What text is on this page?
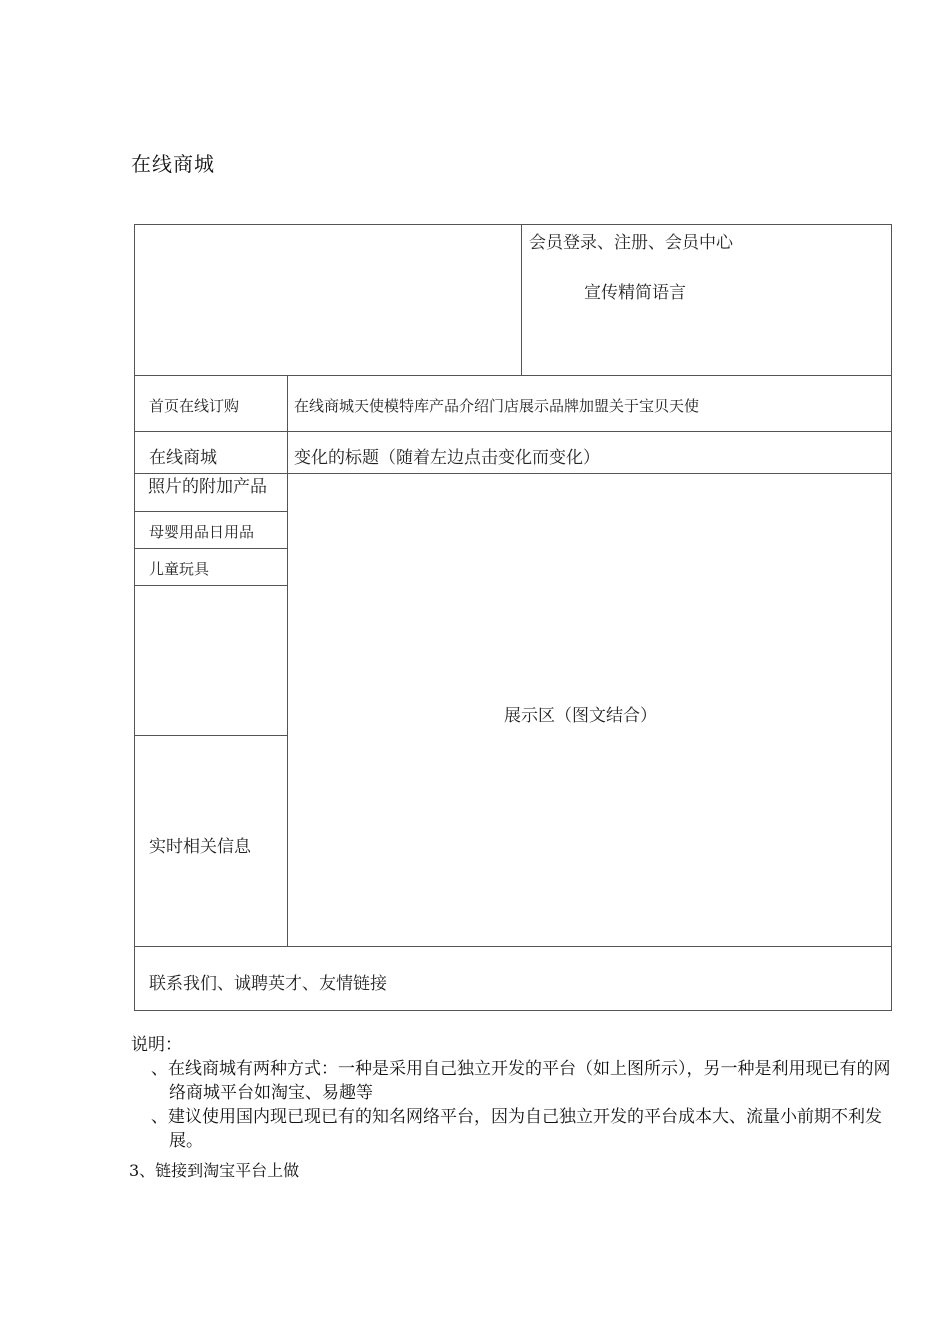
在线商城
会员登录、注册、会员中心
宣传精简语言
首页在线订购	在线商城天使模特库产品介绍门店展示品牌加盟关于宝贝天使
在线商城	变化的标题（随着左边点击变化而变化）
照片的附加产品
母婴用品日用品
儿童玩具
实时相关信息
展示区（图文结合）
联系我们、诚聘英才、友情链接
说明：
、在线商城有两种方式：一种是采用自己独立开发的平台（如上图所示），另一种是利用现已有的网络商城平台如淘宝、易趣等
、建议使用国内现已现已有的知名网络平台，因为自己独立开发的平台成本大、流量小前期不利发展。
3、链接到淘宝平台上做
